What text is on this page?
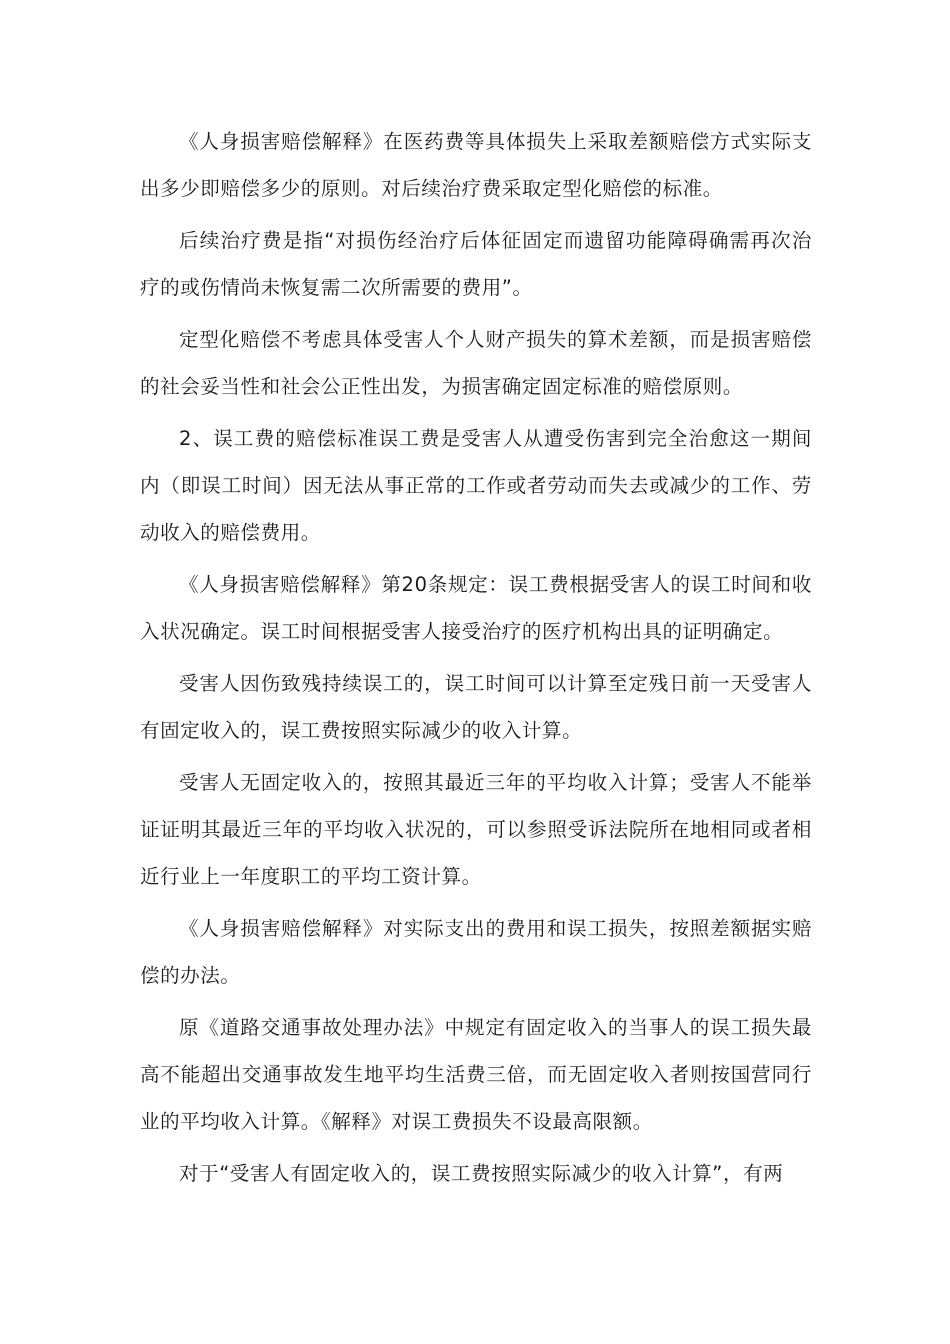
《人身损害赔偿解释》在医药费等具体损失上采取差额赔偿方式实际支出多少即赔偿多少的原则。对后续治疗费采取定型化赔偿的标准。

后续治疗费是指“对损伤经治疗后体征固定而遗留功能障碍确需再次治疗的或伤情尚未恢复需二次所需要的费用”。

定型化赔偿不考虑具体受害人个人财产损失的算术差额，而是损害赔偿的社会妥当性和社会公正性出发，为损害确定固定标准的赔偿原则。

2、误工费的赔偿标准误工费是受害人从遭受伤害到完全治愈这一期间内（即误工时间）因无法从事正常的工作或者劳动而失去或减少的工作、劳动收入的赔偿费用。

《人身损害赔偿解释》第20条规定：误工费根据受害人的误工时间和收入状况确定。误工时间根据受害人接受治疗的医疗机构出具的证明确定。

受害人因伤致残持续误工的，误工时间可以计算至定残日前一天受害人有固定收入的，误工费按照实际减少的收入计算。

受害人无固定收入的，按照其最近三年的平均收入计算；受害人不能举证证明其最近三年的平均收入状况的，可以参照受诉法院所在地相同或者相近行业上一年度职工的平均工资计算。

《人身损害赔偿解释》对实际支出的费用和误工损失，按照差额据实赔偿的办法。

原《道路交通事故处理办法》中规定有固定收入的当事人的误工损失最高不能超出交通事故发生地平均生活费三倍，而无固定收入者则按国营同行业的平均收入计算。《解释》对误工费损失不设最高限额。

对于“受害人有固定收入的，误工费按照实际减少的收入计算”，有两
